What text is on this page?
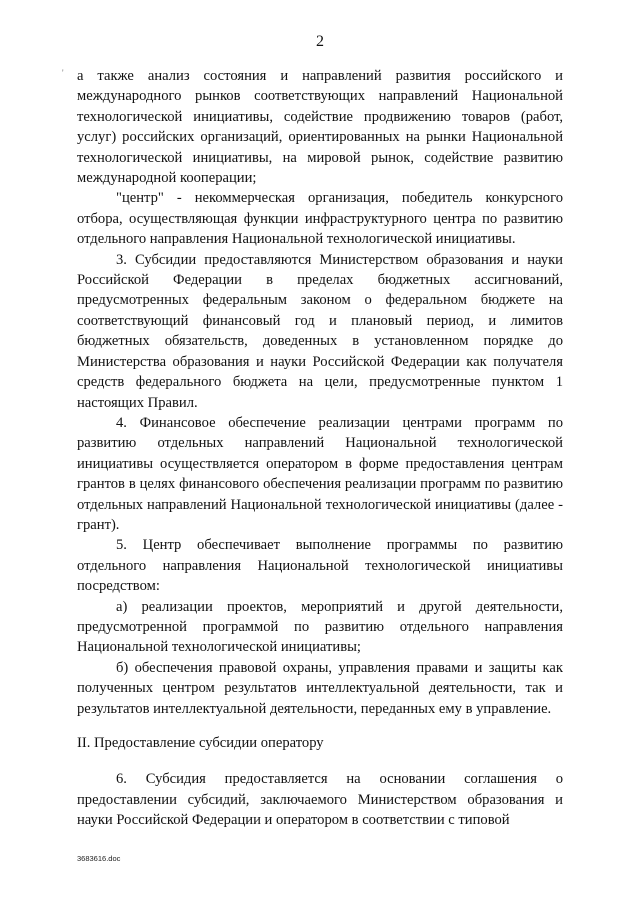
2
' а также анализ состояния и направлений развития российского и международного рынков соответствующих направлений Национальной технологической инициативы, содействие продвижению товаров (работ, услуг) российских организаций, ориентированных на рынки Национальной технологической инициативы, на мировой рынок, содействие развитию международной кооперации;

"центр" - некоммерческая организация, победитель конкурсного отбора, осуществляющая функции инфраструктурного центра по развитию отдельного направления Национальной технологической инициативы.

3. Субсидии предоставляются Министерством образования и науки Российской Федерации в пределах бюджетных ассигнований, предусмотренных федеральным законом о федеральном бюджете на соответствующий финансовый год и плановый период, и лимитов бюджетных обязательств, доведенных в установленном порядке до Министерства образования и науки Российской Федерации как получателя средств федерального бюджета на цели, предусмотренные пунктом 1 настоящих Правил.

4. Финансовое обеспечение реализации центрами программ по развитию отдельных направлений Национальной технологической инициативы осуществляется оператором в форме предоставления центрам грантов в целях финансового обеспечения реализации программ по развитию отдельных направлений Национальной технологической инициативы (далее - грант).

5. Центр обеспечивает выполнение программы по развитию отдельного направления Национальной технологической инициативы посредством:

а) реализации проектов, мероприятий и другой деятельности, предусмотренной программой по развитию отдельного направления Национальной технологической инициативы;

б) обеспечения правовой охраны, управления правами и защиты как полученных центром результатов интеллектуальной деятельности, так и результатов интеллектуальной деятельности, переданных ему в управление.

II. Предоставление субсидии оператору

6. Субсидия предоставляется на основании соглашения о предоставлении субсидий, заключаемого Министерством образования и науки Российской Федерации и оператором в соответствии с типовой

3683616.doc
